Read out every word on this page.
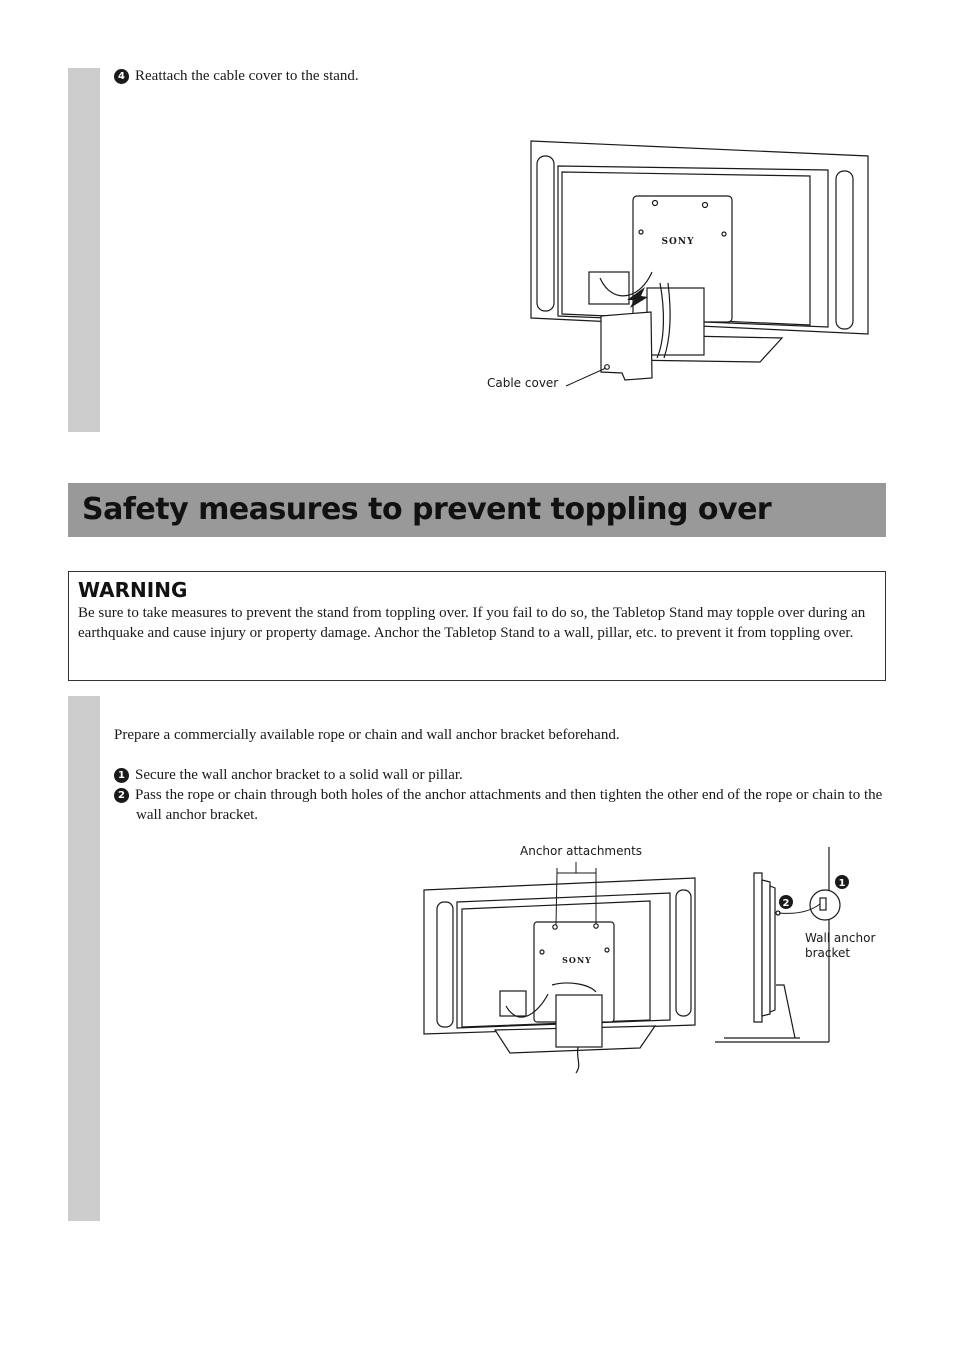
4 Reattach the cable cover to the stand.
SONY
Cable cover
Safety measures to prevent toppling over
WARNING
Be sure to take measures to prevent the stand from toppling over. If you fail to do so, the Tabletop Stand may topple over during an earthquake and cause injury or property damage. Anchor the Tabletop Stand to a wall, pillar, etc. to prevent it from toppling over.
Prepare a commercially available rope or chain and wall anchor bracket beforehand.
1 Secure the wall anchor bracket to a solid wall or pillar.
2 Pass the rope or chain through both holes of the anchor attachments and then tighten the other end of the rope or chain to the wall anchor bracket.
SONY
1
2
Anchor attachments
Wall anchor
bracket
